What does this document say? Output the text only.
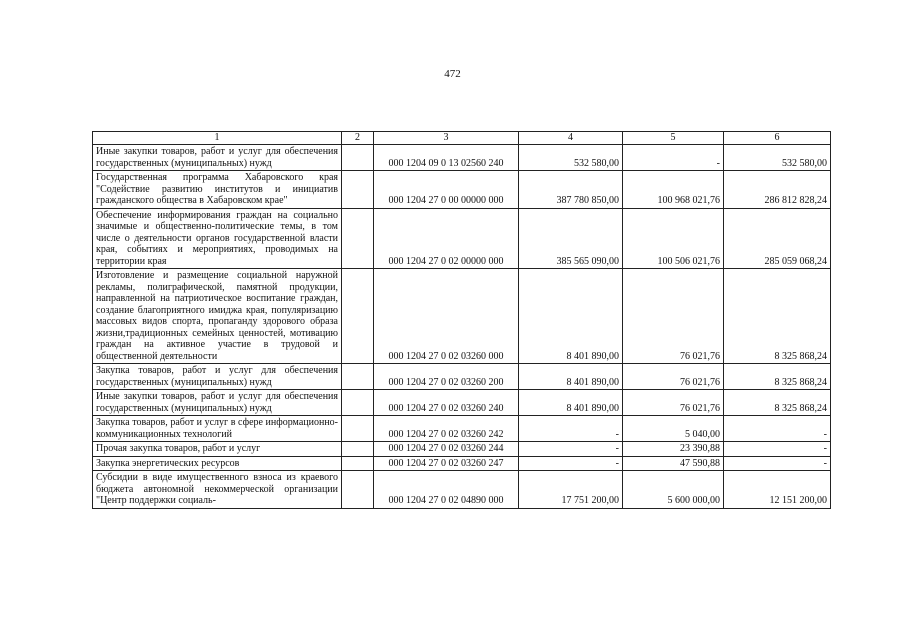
472
1	2	3	4	5	6
Иные закупки товаров, работ и услуг для обеспечения государственных (муниципальных) нужд		000 1204 09 0 13 02560 240	532 580,00	-	532 580,00
Государственная программа Хабаровского края "Содействие развитию институтов и инициатив гражданского общества в Хабаровском крае"		000 1204 27 0 00 00000 000	387 780 850,00	100 968 021,76	286 812 828,24
Обеспечение информирования граждан на социально значимые и общественно-политические темы, в том числе о деятельности органов государственной власти края, событиях и мероприятиях, проводимых на территории края		000 1204 27 0 02 00000 000	385 565 090,00	100 506 021,76	285 059 068,24
Изготовление и размещение социальной наружной рекламы, полиграфической, памятной продукции, направленной на патриотическое воспитание граждан, создание благоприятного имиджа края, популяризацию массовых видов спорта, пропаганду здорового образа жизни,традиционных семейных ценностей, мотивацию граждан на активное участие в трудовой и общественной деятельности		000 1204 27 0 02 03260 000	8 401 890,00	76 021,76	8 325 868,24
Закупка товаров, работ и услуг для обеспечения государственных (муниципальных) нужд		000 1204 27 0 02 03260 200	8 401 890,00	76 021,76	8 325 868,24
Иные закупки товаров, работ и услуг для обеспечения государственных (муниципальных) нужд		000 1204 27 0 02 03260 240	8 401 890,00	76 021,76	8 325 868,24
Закупка товаров, работ и услуг в сфере информационно-коммуникационных технологий		000 1204 27 0 02 03260 242	-	5 040,00	-
Прочая закупка товаров, работ и услуг		000 1204 27 0 02 03260 244	-	23 390,88	-
Закупка энергетических ресурсов		000 1204 27 0 02 03260 247	-	47 590,88	-
Субсидии в виде имущественного взноса из краевого бюджета автономной некоммерческой организации "Центр поддержки социаль-		000 1204 27 0 02 04890 000	17 751 200,00	5 600 000,00	12 151 200,00
